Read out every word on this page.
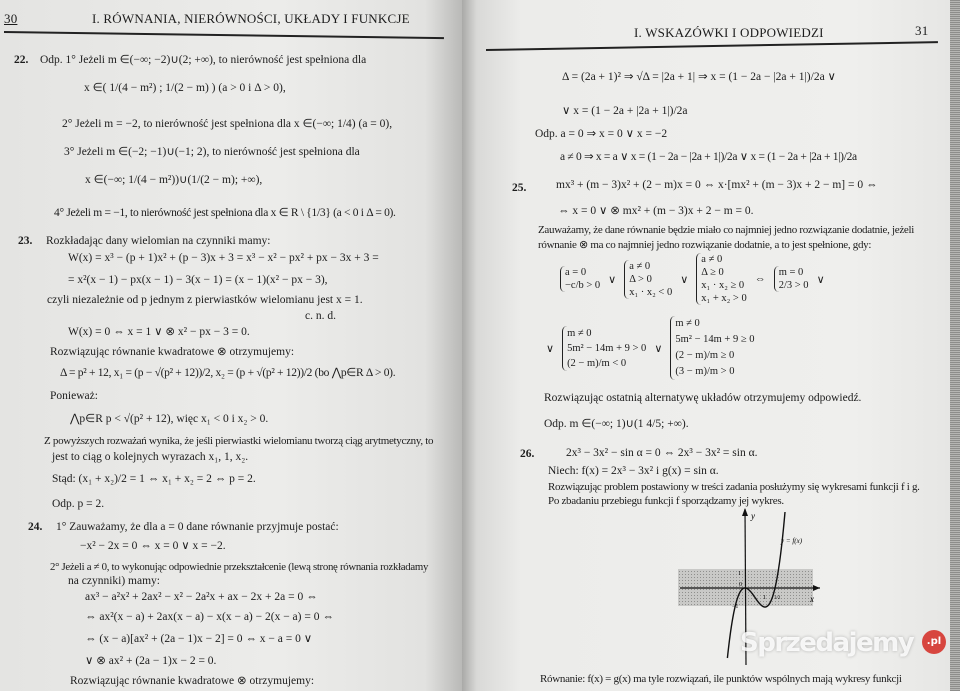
30	I. RÓWNANIA, NIERÓWNOŚCI, UKŁADY I FUNKCJE
22. Odp. 1° Jeżeli m ∈(−∞; −2)∪(2; +∞), to nierówność jest spełniona dla
x ∈( 1/(4 − m²) ; 1/(2 − m) ) (a > 0 i Δ > 0),
2° Jeżeli m = −2, to nierówność jest spełniona dla x ∈(−∞; 1/4) (a = 0),
3° Jeżeli m ∈(−2; −1)∪(−1; 2), to nierówność jest spełniona dla
x ∈(−∞; 1/(4 − m²))∪(1/(2 − m); +∞),
4° Jeżeli m = −1, to nierówność jest spełniona dla x ∈ R \ {1/3} (a < 0 i Δ = 0).
23. Rozkładając dany wielomian na czynniki mamy:
W(x) = x³ − (p + 1)x² + (p − 3)x + 3 = x³ − x² − px² + px − 3x + 3 =
= x²(x − 1) − px(x − 1) − 3(x − 1) = (x − 1)(x² − px − 3),
czyli niezależnie od p jednym z pierwiastków wielomianu jest x = 1.
c. n. d.
W(x) = 0 ⇔ x = 1 ∨ ⊗ x² − px − 3 = 0.
Rozwiązując równanie kwadratowe ⊗ otrzymujemy:
Δ = p² + 12, x₁ = (p − √(p² + 12))/2, x₂ = (p + √(p² + 12))/2 (bo ⋀p∈R Δ > 0).
Ponieważ:
⋀p∈R p < √(p² + 12), więc x₁ < 0 i x₂ > 0.
Z powyższych rozważań wynika, że jeśli pierwiastki wielomianu tworzą ciąg arytmetyczny, to
jest to ciąg o kolejnych wyrazach x₁, 1, x₂.
Stąd: (x₁ + x₂)/2 = 1 ⇔ x₁ + x₂ = 2 ⇔ p = 2.
Odp. p = 2.
24. 1° Zauważamy, że dla a = 0 dane równanie przyjmuje postać:
−x² − 2x = 0 ⇔ x = 0 ∨ x = −2.
2° Jeżeli a ≠ 0, to wykonując odpowiednie przekształcenie (lewą stronę równania rozkładamy
na czynniki) mamy:
ax³ − a²x² + 2ax² − x² − 2a²x + ax − 2x + 2a = 0 ⇔
⇔ ax²(x − a) + 2ax(x − a) − x(x − a) − 2(x − a) = 0 ⇔
⇔ (x − a)[ax² + (2a − 1)x − 2] = 0 ⇔ x − a = 0 ∨
∨ ⊗ ax² + (2a − 1)x − 2 = 0.
Rozwiązując równanie kwadratowe ⊗ otrzymujemy:
I. WSKAZÓWKI I ODPOWIEDZI	31
Δ = (2a + 1)² ⇒ √Δ = |2a + 1| ⇒ x = (1 − 2a − |2a + 1|)/2a ∨
∨ x = (1 − 2a + |2a + 1|)/2a
Odp. a = 0 ⇒ x = 0 ∨ x = −2
a ≠ 0 ⇒ x = a ∨ x = (1 − 2a − |2a + 1|)/2a ∨ x = (1 − 2a + |2a + 1|)/2a
25.	mx³ + (m − 3)x² + (2 − m)x = 0 ⇔ x·[mx² + (m − 3)x + 2 − m] = 0 ⇔
⇔ x = 0 ∨ ⊗ mx² + (m − 3)x + 2 − m = 0.
Zauważamy, że dane równanie będzie miało co najmniej jedno rozwiązanie dodatnie, jeżeli
równanie ⊗ ma co najmniej jedno rozwiązanie dodatnie, a to jest spełnione, gdy:
a = 0
−c/b > 0 ∨
a ≠ 0
Δ > 0
x₁ · x₂ < 0
∨
a ≠ 0
Δ ≥ 0
x₁ · x₂ ≥ 0
x₁ + x₂ > 0
⇔
m = 0
2/3 > 0 ∨
∨
m ≠ 0
5m² − 14m + 9 > 0
(2 − m)/m < 0
∨
m ≠ 0
5m² − 14m + 9 ≥ 0
(2 − m)/m ≥ 0
(3 − m)/m > 0
Rozwiązując ostatnią alternatywę układów otrzymujemy odpowiedź.
Odp. m ∈(−∞; 1)∪(1 4/5; +∞).
26.	2x³ − 3x² − sin α = 0 ⇔ 2x³ − 3x² = sin α.
Niech: f(x) = 2x³ − 3x² i g(x) = sin α.
Rozwiązując problem postawiony w treści zadania posłużymy się wykresami funkcji f i g.
Po zbadaniu przebiegu funkcji f sporządzamy jej wykres.
Równanie: f(x) = g(x) ma tyle rozwiązań, ile punktów wspólnych mają wykresy funkcji
y
x
y = f(x)
1
−1
0
1 3/2
Sprzedajemy	.pl
